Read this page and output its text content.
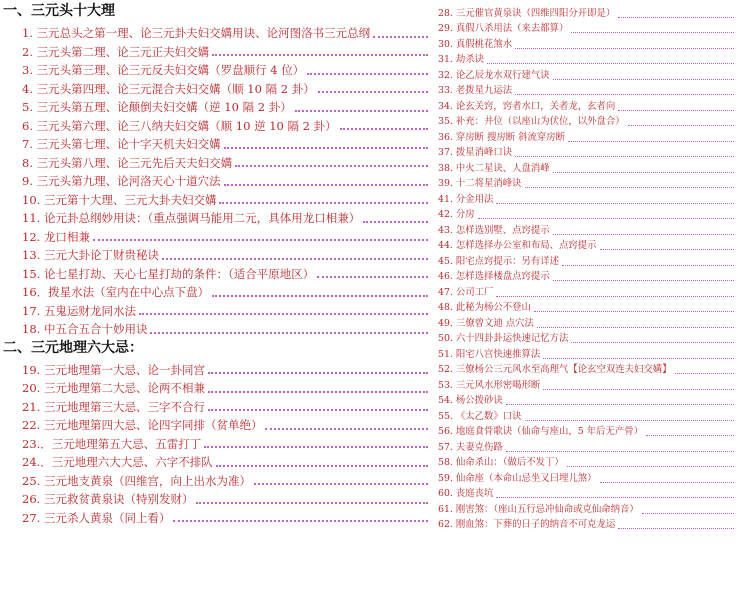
一、三元头十大理
1. 三元总头之第一理、论三元卦夫妇交媾用诀、论河图洛书三元总纲
2. 三元头第二理、论三元正夫妇交媾
3. 三元头第三理、论三元反夫妇交媾（罗盘顺行 4 位）
4. 三元头第四理、论三元混合夫妇交媾（顺 10 隔 2 卦）
5. 三元头第五理、论颠倒夫妇交媾（逆 10 隔 2 卦）
6. 三元头第六理、论三八纳夫妇交媾（顺 10 逆 10 隔 2 卦）
7. 三元头第七理、论十字天机夫妇交媾
8. 三元头第八理、论三元先后天夫妇交媾
9. 三元头第九理、论河洛天心十道穴法
10. 三元第十大理、三元大卦夫妇交媾
11. 论元卦总纲妙用诀：（重点强调马能用二元，具体用龙口相兼）
12. 龙口相兼
13. 三元大卦论丁财贵秘诀
15. 论七星打劫、天心七星打劫的条件：（适合平原地区）
16．拨星水法（室内在中心点下盘）
17. 五鬼运财龙同水法
18. 中五合五合十妙用诀
二、三元地理六大忌：
19. 三元地理第一大忌、论一卦同宫
20. 三元地理第二大忌、论两不相兼
21. 三元地理第三大忌、三字不合行
22. 三元地理第四大忌、论四字同排（贫单绝）
23.．三元地理第五大忌、五雷打丁
24.．三元地理六大大忌、六字不排队
25. 三元地支黄泉（四维宫，向上出水为准）
26. 三元救贫黄泉诀（特别发财）
27. 三元杀人黄泉（同上看）
28. 三元催官黄泉诀（四维四阳分开即是）
29. 真假八杀用法（来去都算）
30. 真假桃花煞水
31. 劫杀诀
32. 论乙辰龙水双行建气诀
33. 老拨星九运法
34. 论玄关窍，窍者水口，关者龙，玄者向
35. 补充：井位（以座山为伏位，以外盘合）
36. 穿房断 搜房断 斜流穿房断
37. 拨星消峰口诀
38. 中火二星诀、人盘消峰
39. 十二将星消峰诀
41. 分金用法
42. 分房
43. 怎样选别墅、点窍提示
44. 怎样选择办公室和布局、点窍提示
45. 阳宅点窍提示：另有详述
46. 怎样选择楼盘点窍提示
47. 公司工厂
48. 此秘为杨公不登山
49. 三僚曾文迪 点穴法
50. 六十四卦卦运快速记忆方法
51. 阳宅八宫快速推算法
52. 三僚杨公三元风水至高理气【论玄空双连夫妇交媾】
53. 三元风水形密喝形断
54. 杨公拨砂诀
55. 《太乙数》口诀
56. 地庭食骨歌诀（仙命与座山，5 年后无产骨）
57. 夫妻克伤路
58. 仙命杀山：（做后不发丁）
59. 仙命座（本命山忌坐又曰埋儿煞）
60. 丧庭丧坑
61. 刚害煞：（座山五行忌冲仙命或克仙命纳音）
62. 刚血煞：下葬的日子的纳音不可克龙运
